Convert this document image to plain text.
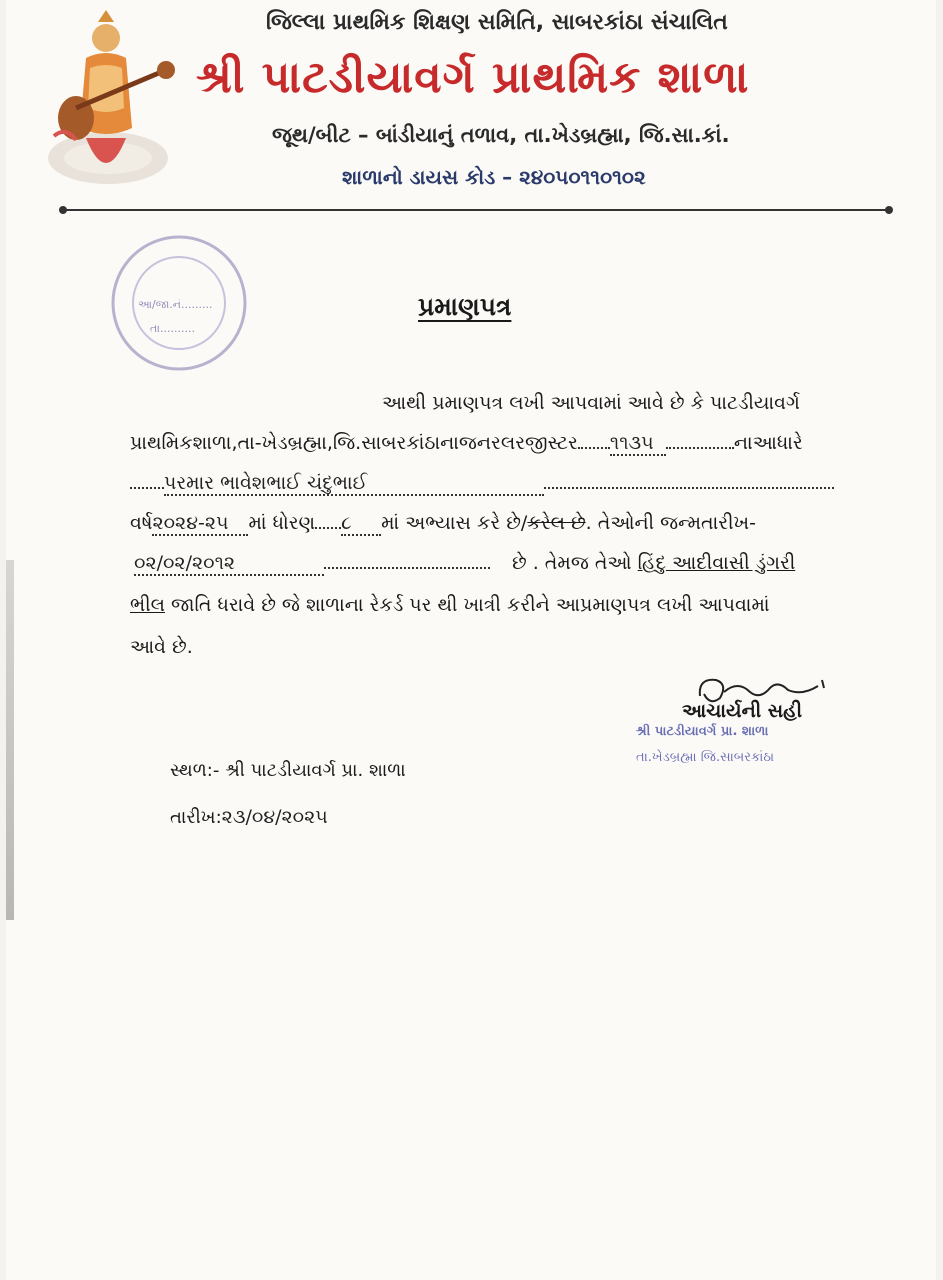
જિલ્લા પ્રાથમિક શિક્ષણ સમિતિ, સાબરકાંઠા સંચાલિત
શ્રી પાટડીયાવર્ગ પ્રાથમિક શાળા
જૂથ/બીટ – બાંડીયાનું તળાવ, તા.ખેડબ્રહ્મા, જિ.સા.કાં.
શાળાનો ડાયસ કોડ – ૨૪૦૫૦૧૧૦૧૦૨
આ/જા.નં.........
તા..........
પ્રમાણપત્ર
આથી પ્રમાણપત્ર લખી આપવામાં આવે છે કે પાટડીયાવર્ગ
પ્રાથમિકશાળા,તા-ખેડબ્રહ્મા,જિ.સાબરકાંઠાનાજનરલરજીસ્ટર ૧૧૩૫	નાઆધારે
પરમાર ભાવેશભાઈ ચંદુભાઈ
વર્ષ૨૦૨૪-૨૫ માં ધોરણ ૮ માં અભ્યાસ કરે છે/કરેલ છે. તેઓની જન્મતારીખ-
૦૨/૦૨/૨૦૧૨	છે . તેમજ તેઓ હિંદુ આદીવાસી ડુંગરી
ભીલ જાતિ ધરાવે છે જે શાળાના રેકર્ડ પર થી ખાત્રી કરીને આપ્રમાણપત્ર લખી આપવામાં
આવે છે.
આચાર્યની સહી
શ્રી પાટડીયાવર્ગ પ્રા. શાળા
તા.ખેડબ્રહ્મા જિ.સાબરકાંઠા
સ્થળ:- શ્રી પાટડીયાવર્ગ પ્રા. શાળા
તારીખ:૨૩/૦૪/૨૦૨૫
